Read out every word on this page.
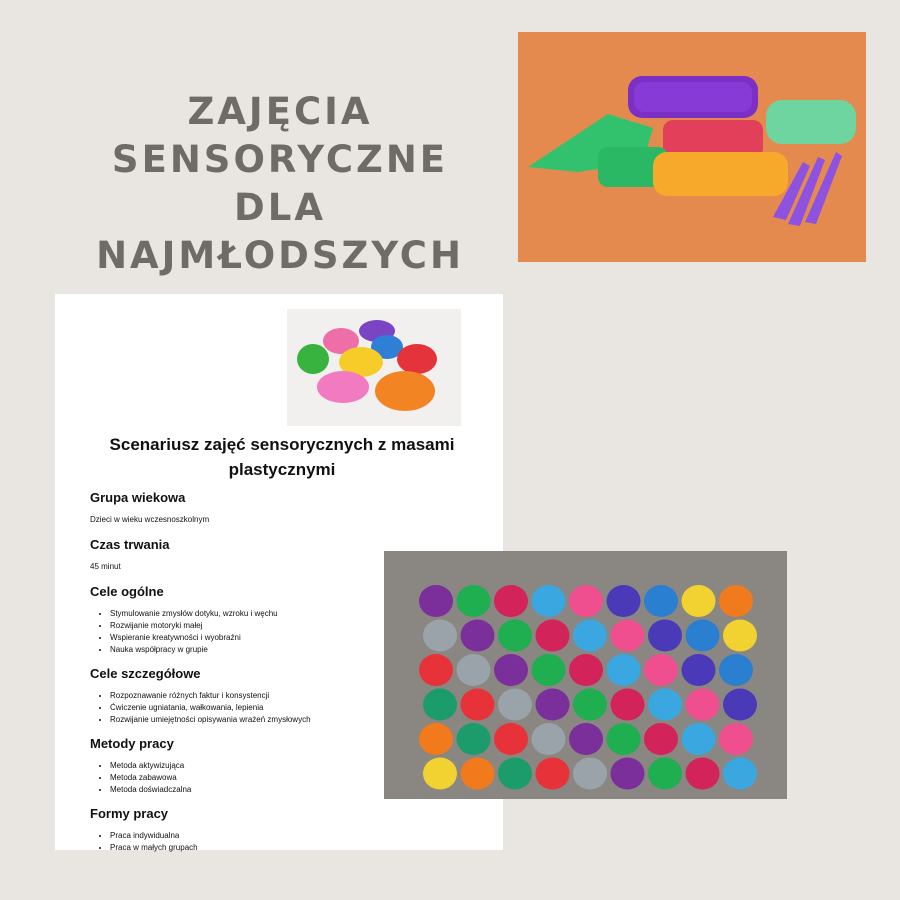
ZAJĘCIA
SENSORYCZNE
DLA
NAJMŁODSZYCH
Scenariusz zajęć sensorycznych z masami plastycznymi
Grupa wiekowa

Dzieci w wieku wczesnoszkolnym

Czas trwania

45 minut

Cele ogólne
• Stymulowanie zmysłów dotyku, wzroku i węchu
• Rozwijanie motoryki małej
• Wspieranie kreatywności i wyobraźni
• Nauka współpracy w grupie
Cele szczegółowe
• Rozpoznawanie różnych faktur i konsystencji
• Ćwiczenie ugniatania, wałkowania, lepienia
• Rozwijanie umiejętności opisywania wrażeń zmysłowych
Metody pracy
• Metoda aktywizująca
• Metoda zabawowa
• Metoda doświadczalna
Formy pracy
• Praca indywidualna
• Praca w małych grupach
